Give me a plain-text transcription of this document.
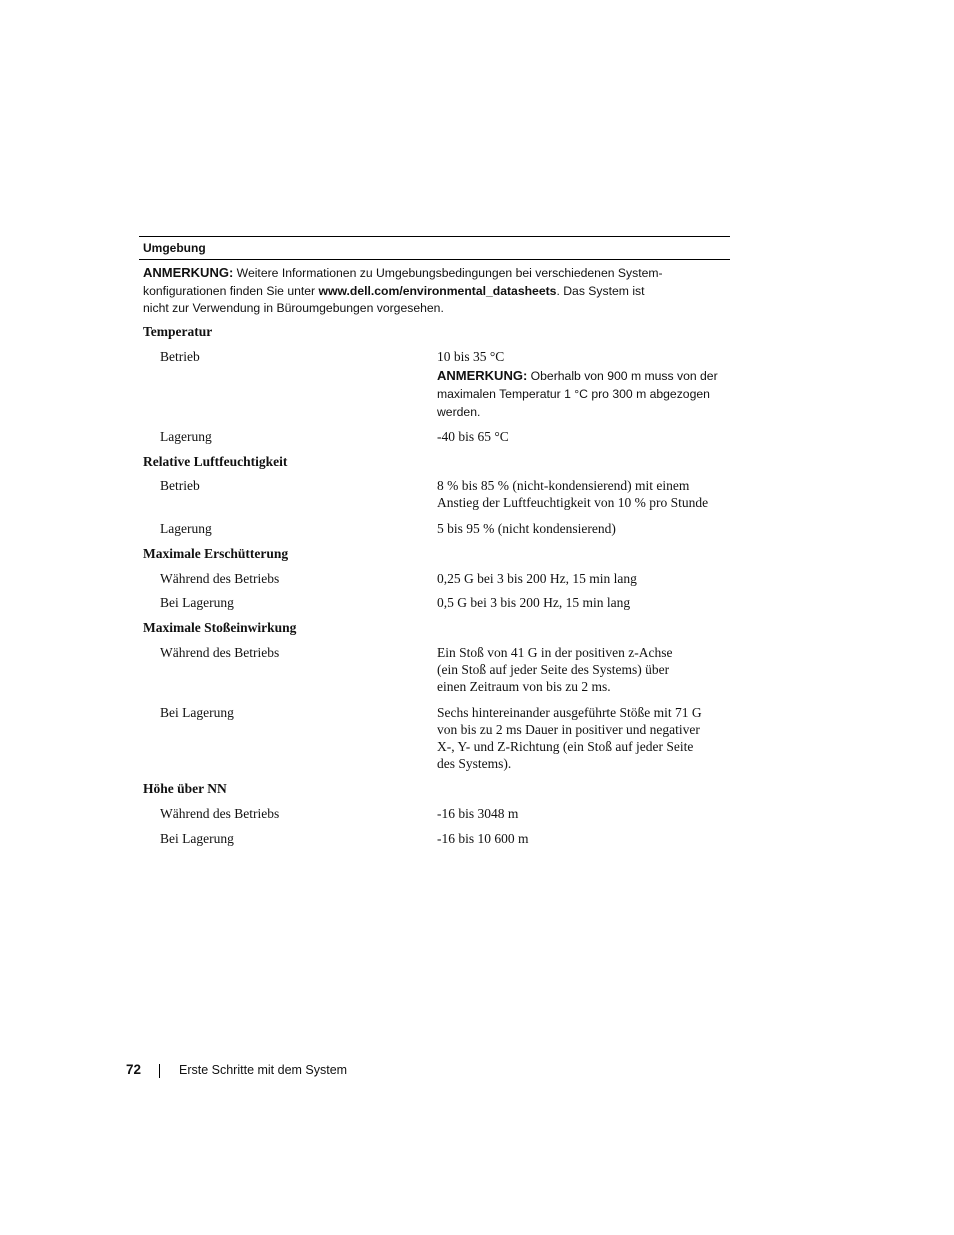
Umgebung
ANMERKUNG: Weitere Informationen zu Umgebungsbedingungen bei verschiedenen System-
konfigurationen finden Sie unter www.dell.com/environmental_datasheets. Das System ist
nicht zur Verwendung in Büroumgebungen vorgesehen.
Temperatur
Betrieb	10 bis 35 °C
ANMERKUNG: Oberhalb von 900 m muss von der
maximalen Temperatur 1 °C pro 300 m abgezogen
werden.
Lagerung	-40 bis 65 °C
Relative Luftfeuchtigkeit
Betrieb	8 % bis 85 % (nicht-kondensierend) mit einem
Anstieg der Luftfeuchtigkeit von 10 % pro Stunde
Lagerung	5 bis 95 % (nicht kondensierend)
Maximale Erschütterung
Während des Betriebs	0,25 G bei 3 bis 200 Hz, 15 min lang
Bei Lagerung	0,5 G bei 3 bis 200 Hz, 15 min lang
Maximale Stoßeinwirkung
Während des Betriebs	Ein Stoß von 41 G in der positiven z-Achse
(ein Stoß auf jeder Seite des Systems) über
einen Zeitraum von bis zu 2 ms.
Bei Lagerung	Sechs hintereinander ausgeführte Stöße mit 71 G
von bis zu 2 ms Dauer in positiver und negativer
X-, Y- und Z-Richtung (ein Stoß auf jeder Seite
des Systems).
Höhe über NN
Während des Betriebs	-16 bis 3048 m
Bei Lagerung	-16 bis 10 600 m
72	Erste Schritte mit dem System
